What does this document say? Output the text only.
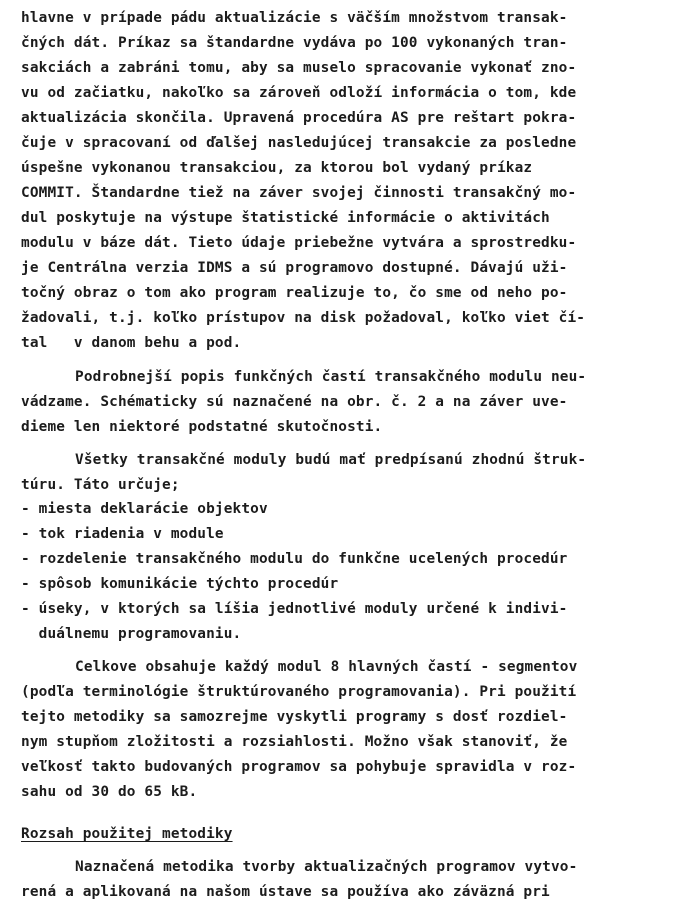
hlavne v prípade pádu aktualizácie s väčším množstvom transak-
čných dát. Príkaz sa štandardne vydáva po 100 vykonaných tran-
sakciách a zabráni tomu, aby sa muselo spracovanie vykonať zno-
vu od začiatku, nakoľko sa zároveň odloží informácia o tom, kde
aktualizácia skončila. Upravená procedúra AS pre reštart pokra-
čuje v spracovaní od ďalšej nasledujúcej transakcie za posledne
úspešne vykonanou transakciou, za ktorou bol vydaný príkaz
COMMIT. Štandardne tiež na záver svojej činnosti transakčný mo-
dul poskytuje na výstupe štatistické informácie o aktivitách
modulu v báze dát. Tieto údaje priebežne vytvára a sprostredku-
je Centrálna verzia IDMS a sú programovo dostupné. Dávajú uži-
točný obraz o tom ako program realizuje to, čo sme od neho po-
žadovali, t.j. koľko prístupov na disk požadoval, koľko viet čí-
tal   v danom behu a pod.
Podrobnejší popis funkčných častí transakčného modulu neu-
vádzame. Schématicky sú naznačené na obr. č. 2 a na záver uve-
dieme len niektoré podstatné skutočnosti.
Všetky transakčné moduly budú mať predpísanú zhodnú štruk-
túru. Táto určuje;
- miesta deklarácie objektov
- tok riadenia v module
- rozdelenie transakčného modulu do funkčne ucelených procedúr
- spôsob komunikácie týchto procedúr
- úseky, v ktorých sa líšia jednotlivé moduly určené k indivi-
duálnemu programovaniu.
Celkove obsahuje každý modul 8 hlavných častí - segmentov
(podľa terminológie štruktúrovaného programovania). Pri použití
tejto metodiky sa samozrejme vyskytli programy s dosť rozdiel-
nym stupňom zložitosti a rozsiahlosti. Možno však stanoviť, že
veľkosť takto budovaných programov sa pohybuje spravidla v roz-
sahu od 30 do 65 kB.
Rozsah použitej metodiky
Naznačená metodika tvorby aktualizačných programov vytvo-
rená a aplikovaná na našom ústave sa používa ako záväzná pri
